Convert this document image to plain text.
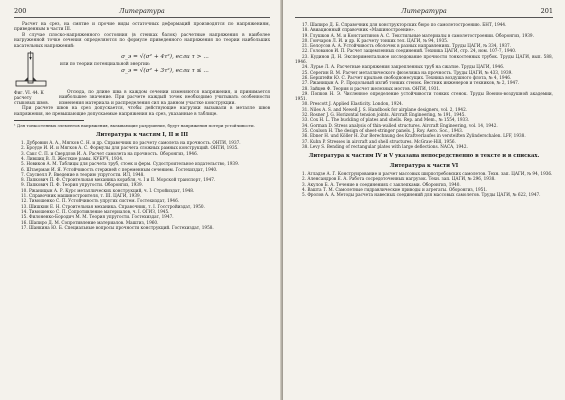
200	Литература

Расчет на срез, на смятие и прочие виды остаточных деформаций производятся по напряжениям, приведенным в части III.

В случае плоско-напряженного состояния (в стенках балок) расчетные напряжения в наиболее нагруженной точке сечения определяются по формуле приведенного напряжения по теории наибольших касательных напряжений:

σ_э = √(σ² + 4τ²), если τ > ...

или по теории потенциальной энергии:

σ_э = √(σ² + 3τ²), если τ ≤ ...
Фиг. VI. 44. К расчету стыковых швов.

Отсюда, по длине шва в каждом сечении изменяются напряжения, и принимается наибольшее значение. При расчете каждый точек необходимо учитывать особенности изменения материала и распределения сил на данном участке конструкции.

При расчете швов на срез допускается, чтобы действующие нагрузки вызывали в металле швов напряжения, не превышающие допускаемые напряжения на срез, указанные в таблице.

¹ Для тонкостенных элементов напряжения, вызывающие разрушение, будут напряжения потери устойчивости.

Литература к частям I, II и III
1. Дубровин А. А., Мягков С. Н. и др. Справочник по расчету самолета на прочность. ОНТИ, 1937.
2. Броуде И. И. и Мягков А. С. Формулы для расчета сложных рамных конструкций. ОНТИ, 1935.
3. Сакс С. П. и Свердлов И. А. Расчет самолета на прочность. Оборонгиз, 1946.
4. Лившиц В. Л. Жесткие рамы. КУБУЧ, 1934.
5. Новиков А. М. Таблицы для расчета труб, стоек и ферм. Судостроительное издательство, 1939.
6. Штаерман И. Я. Устойчивость стержней с переменным сечением. Гостехиздат, 1940.
7. Саусвелл Р. Введение в теорию упругости. ИЛ, 1948.
8. Папкович П. Ф. Строительная механика корабля, ч. I и II. Морской транспорт, 1947.
9. Папкович П. Ф. Теория упругости. Оборонгиз, 1939.
10. Ржаницын А. Р. Курс металлических конструкций, ч. I. Стройиздат, 1948.
11. Справочник машиностроителя, т. III. ЦАГИ, 1939.
12. Тимошенко С. П. Устойчивость упругих систем. Гостехиздат, 1946.
13. Шишкин Е. Н. Строительная механика. Справочник, т. I. Госстройиздат, 1950.
14. Тимошенко С. П. Сопротивление материалов, ч. I. ОГИЗ, 1945.
15. Филоненко-Бородич М. М. Теория упругости. Гостехиздат, 1947.
16. Шапиро Д. М. Сопротивление материалов. Машгиз, 1960.
17. Шанкина Ю. Б. Специальные вопросы прочности конструкций. Гостехиздат, 1958.
Литература	201
17. Шапиро Д. Б. Справочник для конструкторских бюро по самолетостроению. БНТ, 1944.
18. Авиационный справочник «Машиностроение».
19. Глушков А. М. и Константинов А. С. Текстильные материалы в самолетостроении. Оборонгиз, 1939.
20. Гончаров Л. И. и др. К расчету тонких тел. ЦАГИ, № 94, 1935.
21. Белоусов А. А. Устойчивость оболочек в разных направлениях. Труды ЦАГИ, № 334, 1937.
22. Голованов И. П. Расчет защемленных соединений. Техника ЦАГИ, стр. 24, ном. 107-7, 1940.
23. Кудинов Д. Н. Экспериментальное исследование прочности тонкостенных трубок. Труды ЦАГИ, вып. 588, 1946.
24. Лурье Л. А. Расчетные напряжения закрепленных труб на сжатие. Труды ЦАГИ, 1946.
25. Серегин В. М. Расчет металлического фюзеляжа на прочность. Труды ЦАГИ, № 433, 1939.
26. Берштейн Ю. С. Расчет крыльев свободнонесущих. Техника воздушного флота, № 4, 1946.
27. Ржаницын А. Р. Продольный изгиб тонких стенок. Вестник инженеров и техников, № 2, 1947.
28. Зайцев Ф. Теория и расчет железных мостов. ОНТИ, 1931.
29. Попков Н. Э. Численное определение устойчивости тонких стенок. Труды Военно-воздушной академии, 1951.
30. Prescott J. Applied Elasticity. London, 1924.
31. Niles A. S. and Newell J. S. Handbook for airplane designers, vol. 2, 1942.
32. Rosner J. G. Horizontal tension joints. Aircraft Engineering, № 191, 1945.
33. Cox H. L. The buckling of plates and shells. Rep. and Mem., № 1554, 1933.
34. Gorman D. Stress analysis of thin-walled structures. Aircraft Engineering, vol. 14, 1942.
35. Coulson H. The design of sheet-stringer panels. J. Roy. Aero. Soc., 1943.
36. Ebner H. und Köller H. Zur Berechnung des Kraftverlaufes in versteiften Zylinderschalen. LFF, 1938.
37. Kuhn P. Stresses in aircraft and shell structures. McGraw-Hill, 1956.
38. Levy S. Bending of rectangular plates with large deflections. NACA, 1942.
Литература к частям IV и V указана непосредственно в тексте и в списках.
Литература к части VI
1. Агладзе А. Г. Конструирование и расчет массовых ширпотребовских самолетов. Техн. зап. ЦАГИ, № 94, 1936.
2. Аленсандров Е. А. Работа сосредоточенных нагрузок. Техн. зап. ЦАГИ, № 296, 1938.
3. Акулов Б. А. Течение в соединениях с заклепками. Оборонгиз, 1940.
4. Вашта Т. М. Самолетные гидравлические приводы и агрегаты. Оборонгиз, 1951.
5. Фролов А. А. Методы расчета навесных соединений для массовых самолетов. Труды ЦАГИ, № 622, 1947.
